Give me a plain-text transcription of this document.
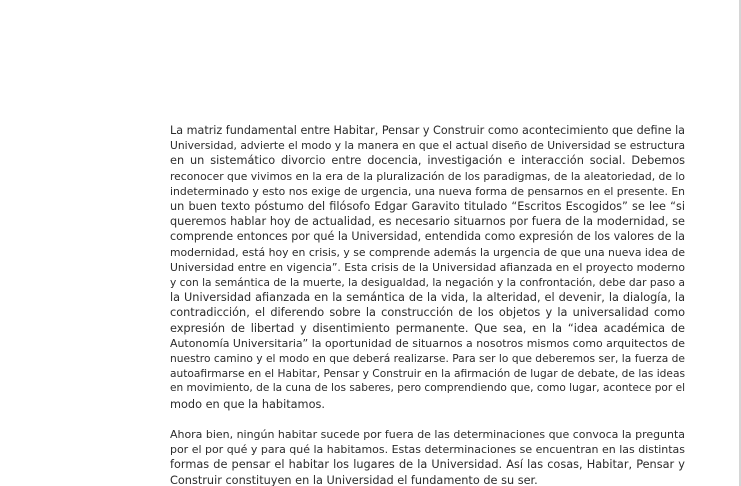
La matriz fundamental entre Habitar, Pensar y Construir como acontecimiento que define la
Universidad, advierte el modo y la manera en que el actual diseño de Universidad se estructura
en un sistemático divorcio entre docencia, investigación e interacción social. Debemos
reconocer que vivimos en la era de la pluralización de los paradigmas, de la aleatoriedad, de lo
indeterminado y esto nos exige de urgencia, una nueva forma de pensarnos en el presente. En
un buen texto póstumo del filósofo Edgar Garavito titulado “Escritos Escogidos” se lee “si
queremos hablar hoy de actualidad, es necesario situarnos por fuera de la modernidad, se
comprende entonces por qué la Universidad, entendida como expresión de los valores de la
modernidad, está hoy en crisis, y se comprende además la urgencia de que una nueva idea de
Universidad entre en vigencia”. Esta crisis de la Universidad afianzada en el proyecto moderno
y con la semántica de la muerte, la desigualdad, la negación y la confrontación, debe dar paso a
la Universidad afianzada en la semántica de la vida, la alteridad, el devenir, la dialogía, la
contradicción, el diferendo sobre la construcción de los objetos y la universalidad como
expresión de libertad y disentimiento permanente. Que sea, en la “idea académica de
Autonomía Universitaria” la oportunidad de situarnos a nosotros mismos como arquitectos de
nuestro camino y el modo en que deberá realizarse. Para ser lo que deberemos ser, la fuerza de
autoafirmarse en el Habitar, Pensar y Construir en la afirmación de lugar de debate, de las ideas
en movimiento, de la cuna de los saberes, pero comprendiendo que, como lugar, acontece por el
modo en que la habitamos.

Ahora bien, ningún habitar sucede por fuera de las determinaciones que convoca la pregunta
por el por qué y para qué la habitamos. Estas determinaciones se encuentran en las distintas
formas de pensar el habitar los lugares de la Universidad. Así las cosas, Habitar, Pensar y
Construir constituyen en la Universidad el fundamento de su ser.
